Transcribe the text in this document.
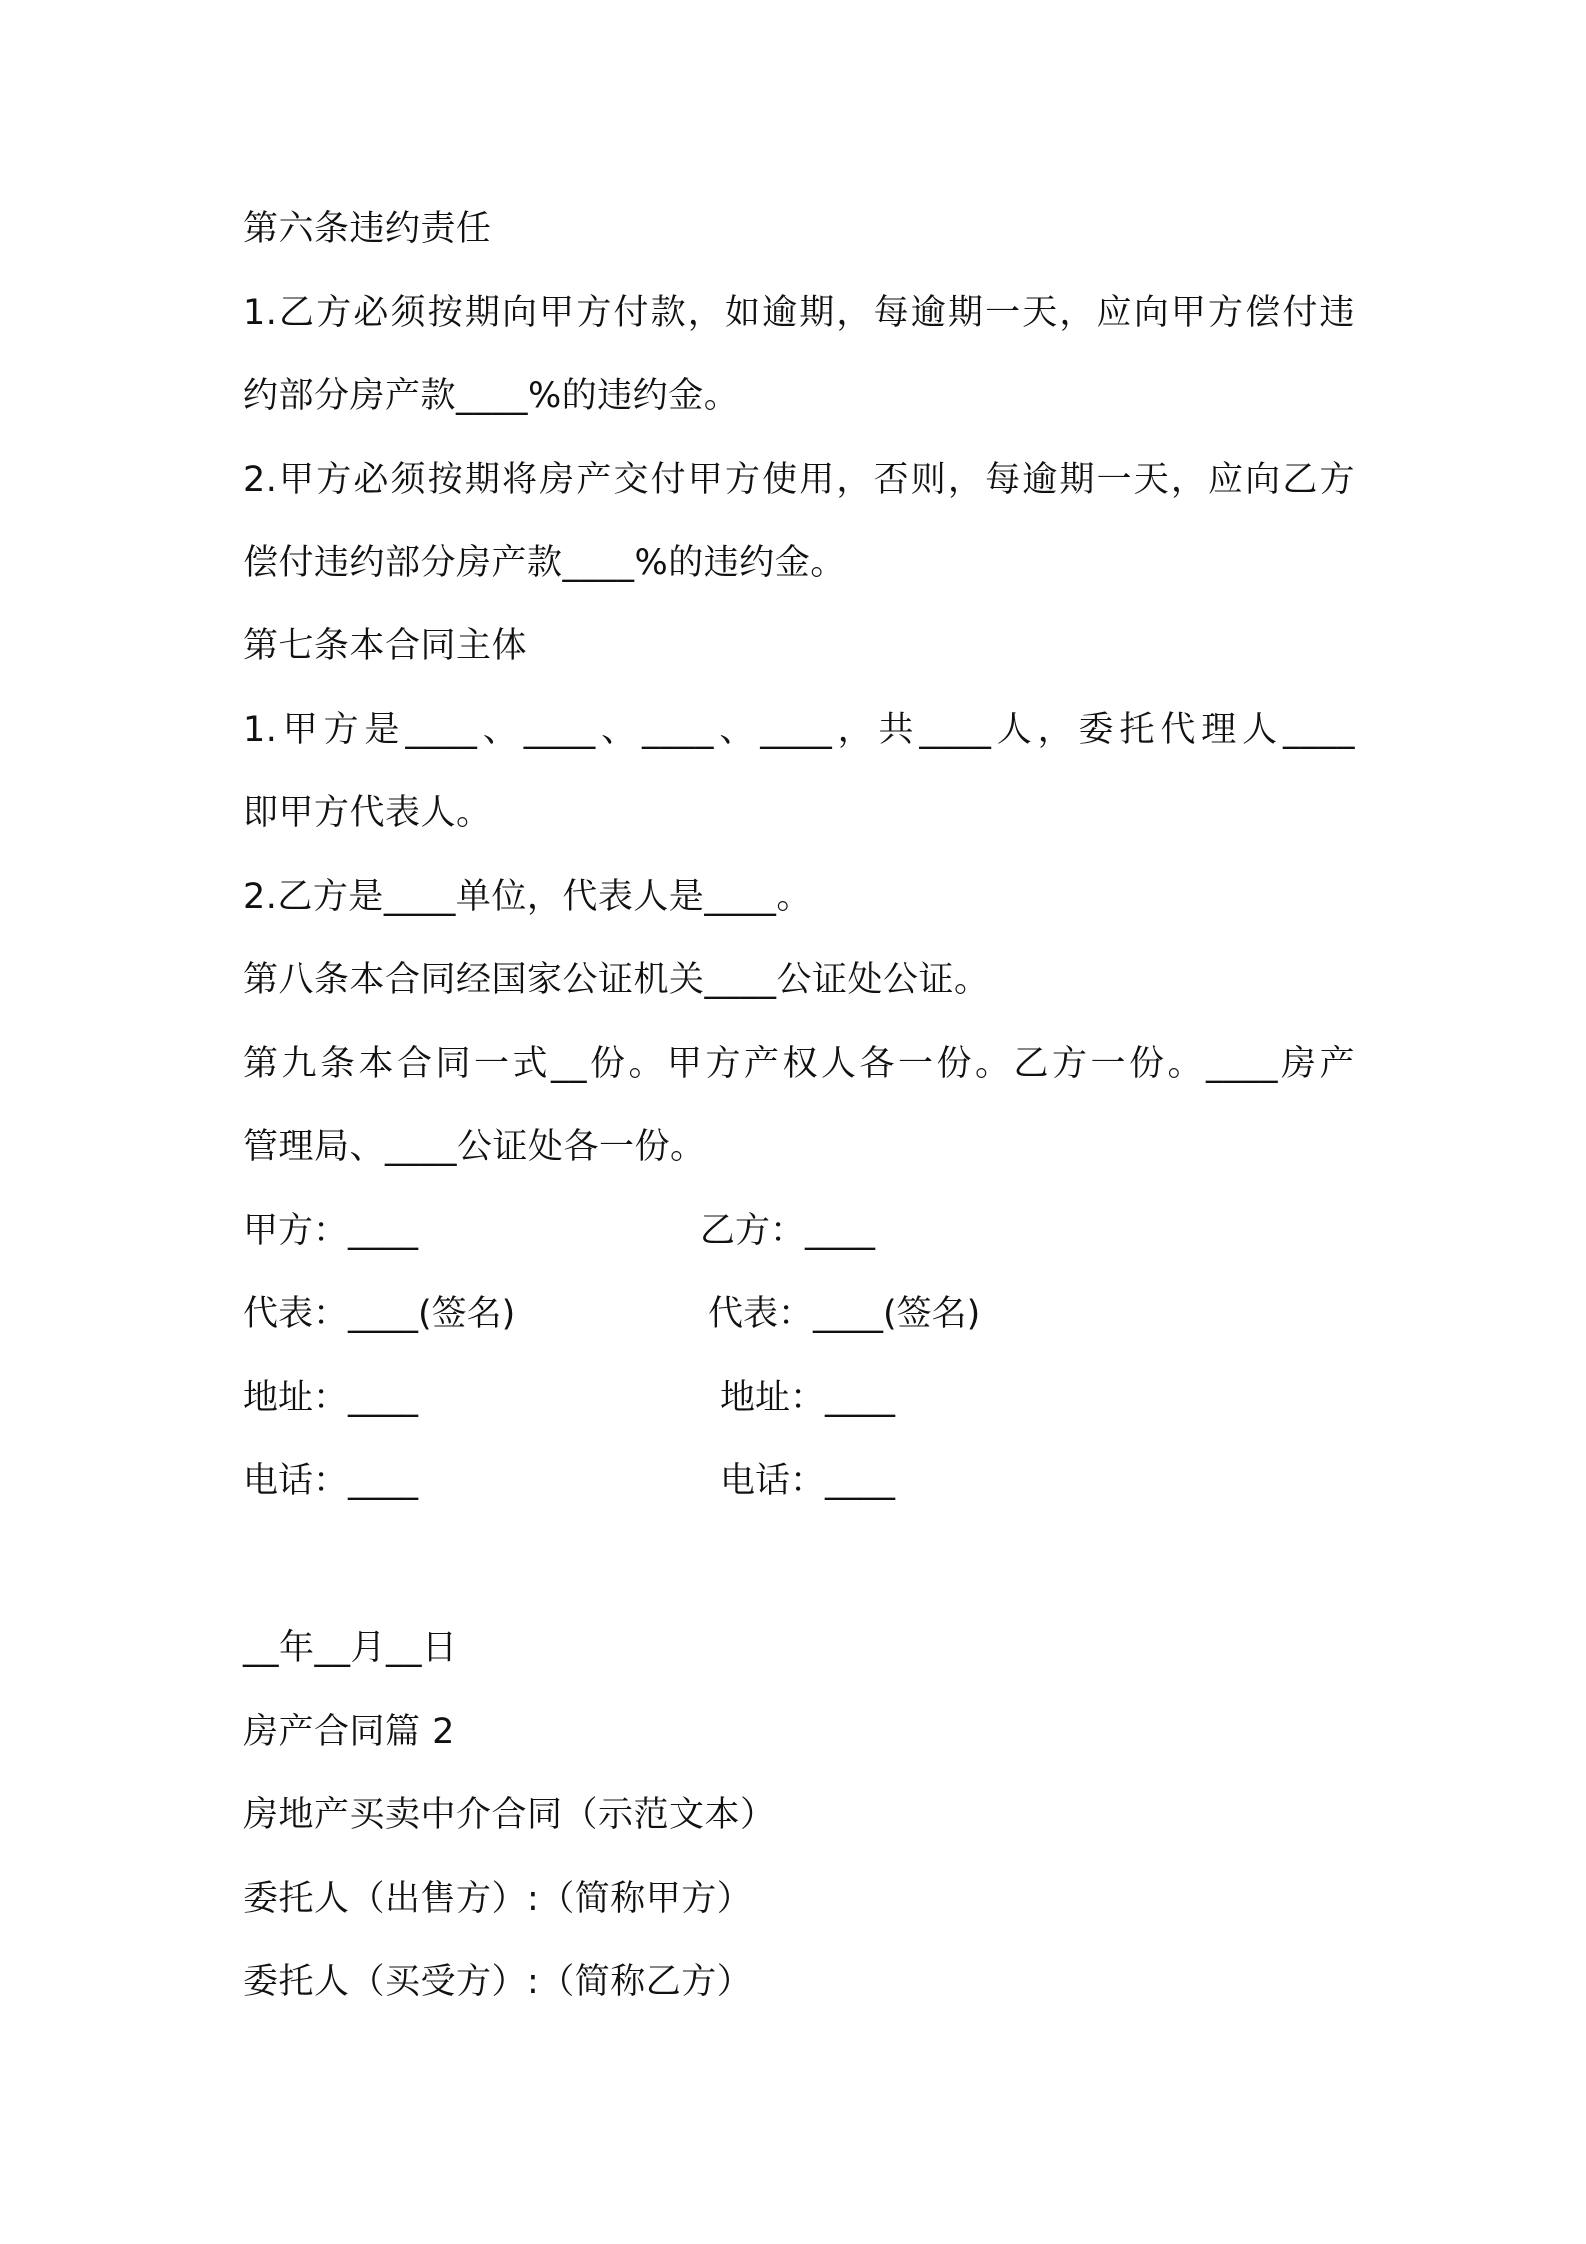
第六条违约责任
1.乙方必须按期向甲方付款，如逾期，每逾期一天，应向甲方偿付违
约部分房产款____%的违约金。
2.甲方必须按期将房产交付甲方使用，否则，每逾期一天，应向乙方
偿付违约部分房产款____%的违约金。
第七条本合同主体
1.甲方是____、____、____、____，共____人，委托代理人____
即甲方代表人。
2.乙方是____单位，代表人是____。
第八条本合同经国家公证机关____公证处公证。
第九条本合同一式__份。甲方产权人各一份。乙方一份。____房产
管理局、____公证处各一份。
甲方：____	乙方：____
代表：____(签名)	代表：____(签名)
地址：____	地址：____
电话：____	电话：____
__年__月__日
房产合同篇 2
房地产买卖中介合同（示范文本）
委托人（出售方）:（简称甲方）
委托人（买受方）:（简称乙方）
